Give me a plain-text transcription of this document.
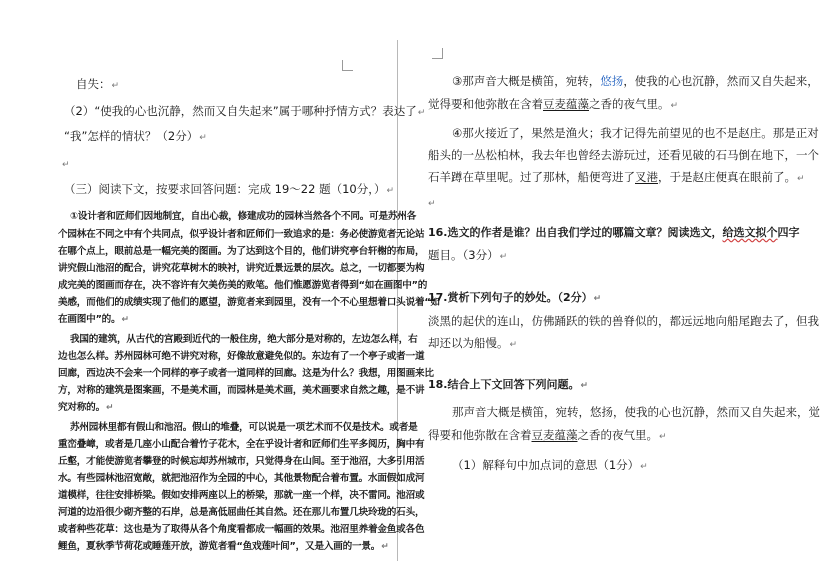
自失：↵
（2）“使我的心也沉静，然而又自失起来”属于哪种抒情方式？表达了↵
“我”怎样的情状？（2分）↵
↵
（三）阅读下文，按要求回答问题：完成 19～22 题（10分，）↵
①设计者和匠师们因地制宜，自出心裁，修建成功的园林当然各个不同。可是苏州各
个园林在不同之中有个共同点，似乎设计者和匠师们一致追求的是：务必使游览者无论站
在哪个点上，眼前总是一幅完美的图画。为了达到这个目的，他们讲究亭台轩榭的布局，
讲究假山池沼的配合，讲究花草树木的映衬，讲究近景远景的层次。总之，一切都要为构
成完美的图画而存在，决不容许有欠美伤美的败笔。他们惟愿游览者得到“如在画图中”的
美感，而他们的成绩实现了他们的愿望，游览者来到园里，没有一个不心里想着口头说着“如
在画图中”的。↵
我国的建筑，从古代的宫殿到近代的一般住房，绝大部分是对称的，左边怎么样，右
边也怎么样。苏州园林可绝不讲究对称，好像故意避免似的。东边有了一个亭子或者一道
回廊，西边决不会来一个同样的亭子或者一道同样的回廊。这是为什么？我想，用图画来比
方，对称的建筑是图案画，不是美术画，而园林是美术画，美术画要求自然之趣，是不讲
究对称的。↵
苏州园林里都有假山和池沼。假山的堆叠，可以说是一项艺术而不仅是技术。或者是
重峦叠嶂，或者是几座小山配合着竹子花木，全在乎设计者和匠师们生平多阅历，胸中有
丘壑，才能使游览者攀登的时候忘却苏州城市，只觉得身在山间。至于池沼，大多引用活
水。有些园林池沼宽敞，就把池沼作为全园的中心，其他景物配合着布置。水面假如成河
道模样，往往安排桥梁。假如安排两座以上的桥梁，那就一座一个样，决不雷同。池沼或
河道的边沿很少砌齐整的石岸，总是高低屈曲任其自然。还在那儿布置几块玲珑的石头，
或者种些花草：这也是为了取得从各个角度看都成一幅画的效果。池沼里养着金鱼或各色
鲤鱼，夏秋季节荷花或睡莲开放，游览者看“鱼戏莲叶间”，又是入画的一景。↵
③那声音大概是横笛，宛转，悠扬，使我的心也沉静，然而又自失起来，
觉得要和他弥散在含着豆麦蕴藻之香的夜气里。↵
④那火接近了，果然是渔火；我才记得先前望见的也不是赵庄。那是正对
船头的一丛松柏林，我去年也曾经去游玩过，还看见破的石马倒在地下，一个
石羊蹲在草里呢。过了那林，船便弯进了叉港，于是赵庄便真在眼前了。↵
↵
16.选文的作者是谁？出自我们学过的哪篇文章？阅读选文，给选文拟个四字
题目。（3分）↵
17.赏析下列句子的妙处。（2分）↵
淡黑的起伏的连山，仿佛踊跃的铁的兽脊似的，都远远地向船尾跑去了，但我
却还以为船慢。↵
18.结合上下文回答下列问题。↵
那声音大概是横笛，宛转，悠扬，使我的心也沉静，然而又自失起来，觉
得要和他弥散在含着豆麦蕴藻之香的夜气里。↵
（1）解释句中加点词的意思（1分）↵
